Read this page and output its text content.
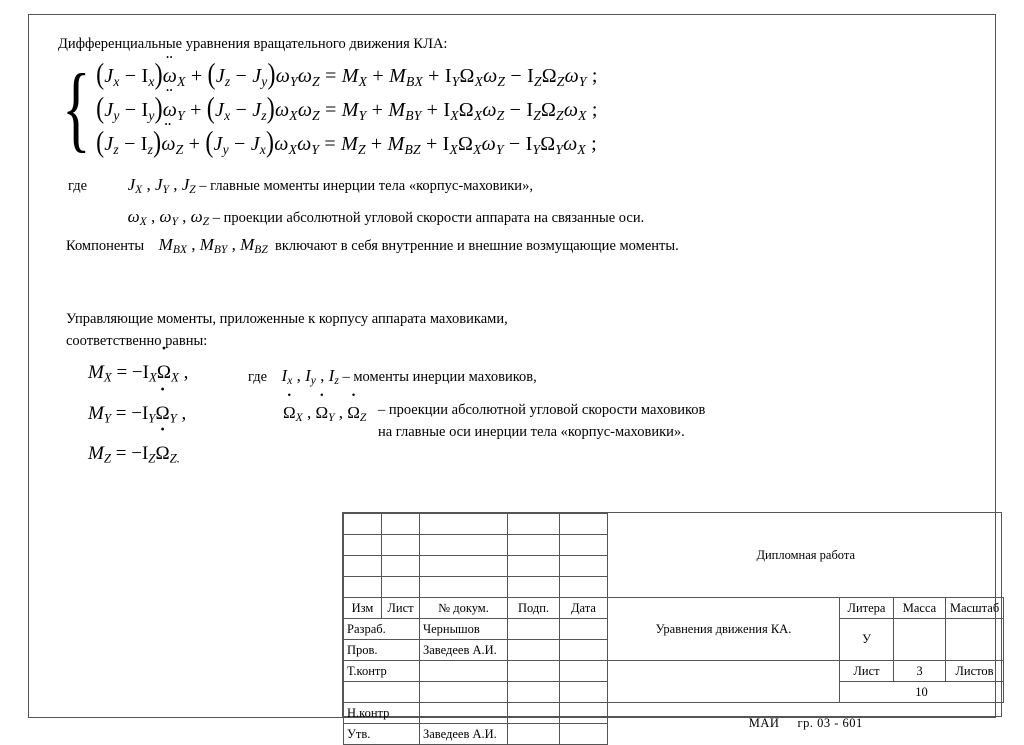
Дифференциальные уравнения вращательного движения КЛА:
{ $(J_x - I_x)\omega$ $¨_X + (J_z - J_y)\omega_Y\omega_Z = M_X + M_{BX} + I_Y\Omega_X\omega_Z - I_Z\Omega_Z\omega_Y$ ;
$(J_y - I_y)\omega$ $¨_Y + (J_x - J_z)\omega_X\omega_Z = M_Y + M_{BY} + I_X\Omega_X\omega_Z - I_Z\Omega_Z\omega_X$ ;
$(J_z - I_z)\omega$ $¨_Z + (J_y - J_x)\omega_X\omega_Y = M_Z + M_{BZ} + I_X\Omega_X\omega_Y - I_Y\Omega_Y\omega_X$ ;
где $J_X$ , $J_Y$ , $J_Z$ – главные моменты инерции тела «корпус-маховики»,
$\omega_X$ , $\omega_Y$ , $\omega_Z$ – проекции абсолютной угловой скорости аппарата на связанные оси.
Компоненты $M_{BX}$ , $M_{BY}$ , $M_{BZ}$ включают в себя внутренние и внешние возмущающие моменты.
Управляющие моменты, приложенные к корпусу аппарата маховиками,
соответственно равны:
$M_X = -I_X\Omega \cdot_X$ ,
$M_Y = -I_Y\Omega \cdot_Y$ ,
$M_Z = -I_Z\Omega \cdot_{Z.}$
где $I_x$ , $I_y$ , $I_z$ – моменты инерции маховиков,
$\Omega \cdot_X$ , $\Omega \cdot_Y$ , $\Omega \cdot_Z$ – проекции абсолютной угловой скорости маховиков
на главные оси инерции тела «корпус-маховики».
					Дипломная работа			

Изм	Лист	№ докум.	Подп.	Дата	Уравнения движения КА.	Литера	Масса	Масштаб
Разраб.		Чернышов				У		
Пров.		Заведеев А.И.						
Т.контр						Лист	3	Листов
						10		
Н.контр					МАИ гр. 03 - 601			
Утв.		Заведеев А.И.						
